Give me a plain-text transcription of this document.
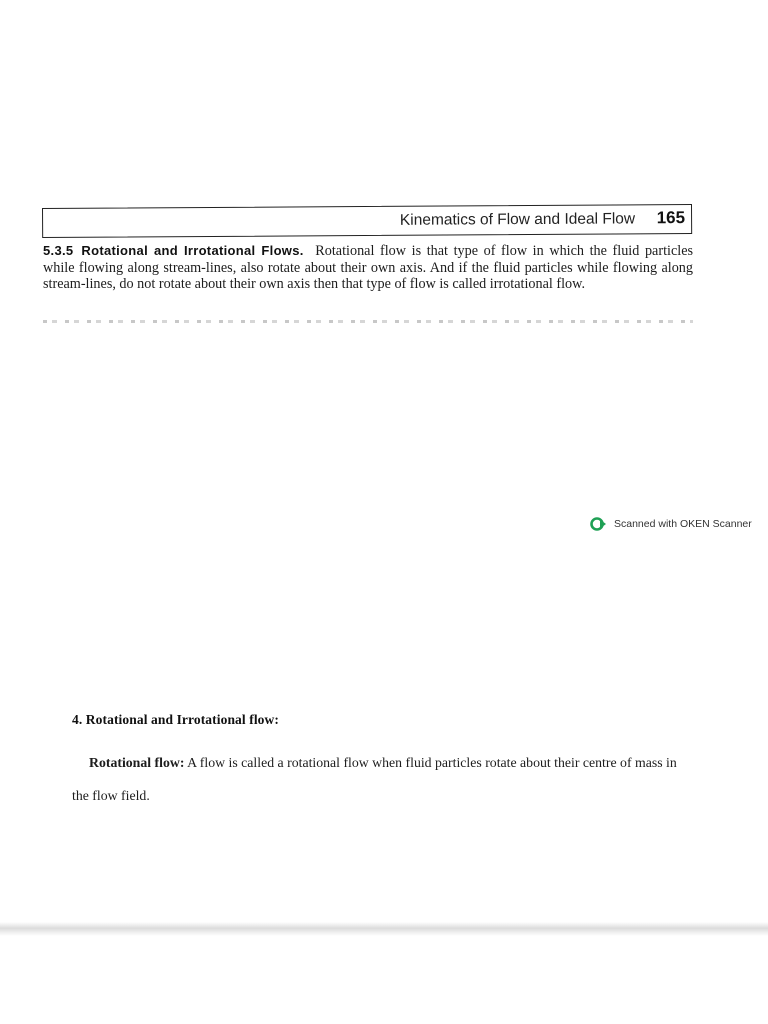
Kinematics of Flow and Ideal Flow 165
5.3.5 Rotational and Irrotational Flows. Rotational flow is that type of flow in which the fluid particles while flowing along stream-lines, also rotate about their own axis. And if the fluid particles while flowing along stream-lines, do not rotate about their own axis then that type of flow is called irrotational flow.
Scanned with OKEN Scanner
4. Rotational and Irrotational flow:
Rotational flow: A flow is called a rotational flow when fluid particles rotate about their centre of mass in the flow field.
